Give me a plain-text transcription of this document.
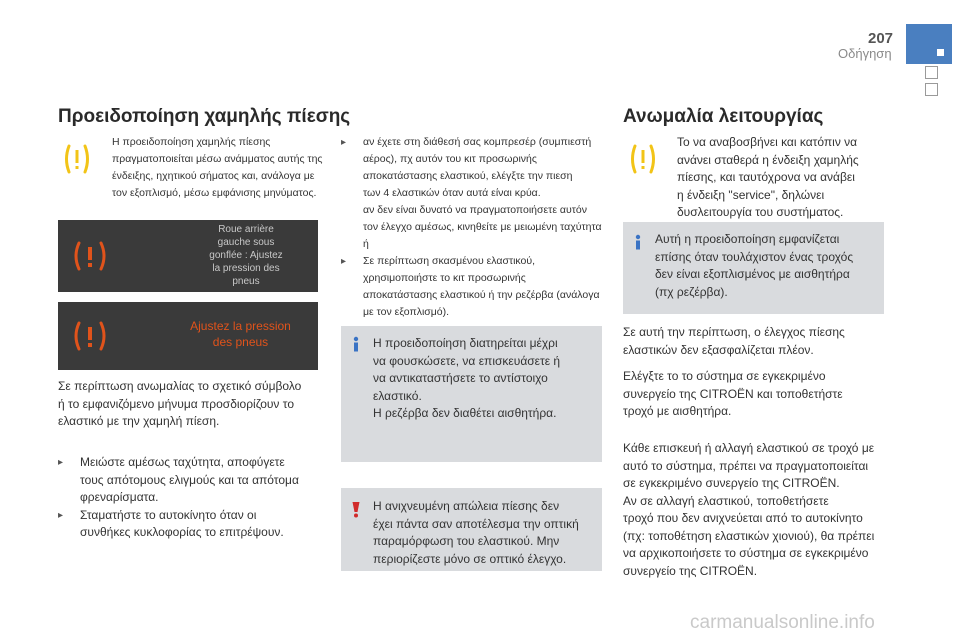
207
Οδήγηση
Προειδοποίηση χαμηλής πίεσης
Η προειδοποίηση χαμηλής πίεσης
πραγματοποιείται μέσω ανάμματος αυτής της
ένδειξης, ηχητικού σήματος και, ανάλογα με
τον εξοπλισμό, μέσω εμφάνισης μηνύματος.
Roue arrière
gauche sous
gonflée : Ajustez
la pression des
pneus
Ajustez la pression
des pneus
Σε περίπτωση ανωμαλίας το σχετικό σύμβολο
ή το εμφανιζόμενο μήνυμα προσδιορίζουν το
ελαστικό με την χαμηλή πίεση.
▸ Μειώστε αμέσως ταχύτητα, αποφύγετε
τους απότομους ελιγμούς και τα απότομα
φρεναρίσματα.
▸ Σταματήστε το αυτοκίνητο όταν οι
συνθήκες κυκλοφορίας το επιτρέψουν.
▸ αν έχετε στη διάθεσή σας κομπρεσέρ (συμπιεστή
αέρος), πχ αυτόν του κιτ προσωρινής
αποκατάστασης ελαστικού, ελέγξτε την πιεση
των 4 ελαστικών όταν αυτά είναι κρύα.
αν δεν είναι δυνατό να πραγματοποιήσετε αυτόν
τον έλεγχο αμέσως, κινηθείτε με μειωμένη ταχύτητα
ή
▸ Σε περίπτωση σκασμένου ελαστικού,
χρησιμοποιήστε το κιτ προσωρινής
αποκατάστασης ελαστικού ή την ρεζέρβα (ανάλογα
με τον εξοπλισμό).
Η προειδοποίηση διατηρείται μέχρι
να φουσκώσετε, να επισκευάσετε ή
να αντικαταστήσετε το αντίστοιχο
ελαστικό.
Η ρεζέρβα δεν διαθέτει αισθητήρα.
Η ανιχνευμένη απώλεια πίεσης δεν
έχει πάντα σαν αποτέλεσμα την οπτική
παραμόρφωση του ελαστικού. Μην
περιορίζεστε μόνο σε οπτικό έλεγχο.
Ανωμαλία λειτουργίας
Το να αναβοσβήνει και κατόπιν να
ανάνει σταθερά η ένδειξη χαμηλής
πίεσης, και ταυτόχρονα να ανάβει
η ένδειξη "service", δηλώνει
δυσλειτουργία του συστήματος.
Αυτή η προειδοποίηση εμφανίζεται
επίσης όταν τουλάχιστον ένας τροχός
δεν είναι εξοπλισμένος με αισθητήρα
(πχ ρεζέρβα).
Σε αυτή την περίπτωση, ο έλεγχος πίεσης
ελαστικών δεν εξασφαλίζεται πλέον.
Ελέγξτε το το σύστημα σε εγκεκριμένο
συνεργείο της CITROËN και τοποθετήστε
τροχό με αισθητήρα.
Κάθε επισκευή ή αλλαγή ελαστικού σε τροχό με
αυτό το σύστημα, πρέπει να πραγματοποιείται
σε εγκεκριμένο συνεργείο της CITROËN.
Αν σε αλλαγή ελαστικού, τοποθετήσετε
τροχό που δεν ανιχνεύεται από το αυτοκίνητο
(πχ: τοποθέτηση ελαστικών χιονιού), θα πρέπει
να αρχικοποιήσετε το σύστημα σε εγκεκριμένο
συνεργείο της CITROËN.
carmanualsonline.info
